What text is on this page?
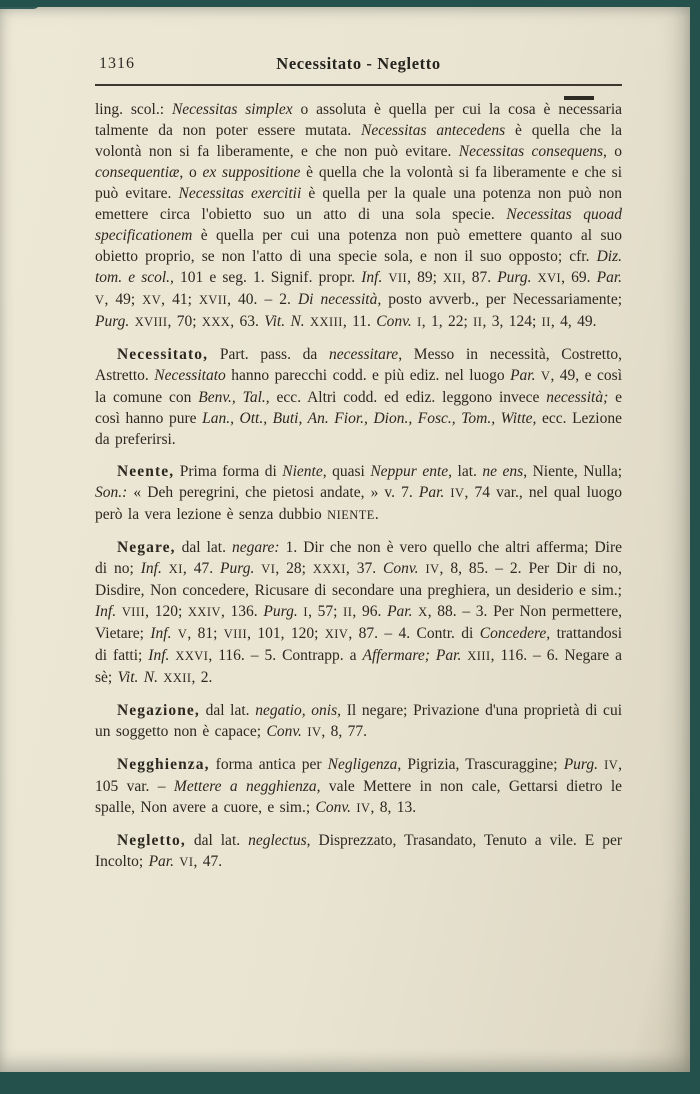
1316	Necessitato - Negletto

ling. scol.: Necessitas simplex o assoluta è quella per cui la cosa è necessaria talmente da non poter essere mutata. Necessitas antecedens è quella che la volontà non si fa liberamente, e che non può evitare. Necessitas consequens, o consequentiæ, o ex suppositione è quella che la volontà si fa liberamente e che si può evitare. Necessitas exercitii è quella per la quale una potenza non può non emettere circa l'obietto suo un atto di una sola specie. Necessitas quoad specificationem è quella per cui una potenza non può emettere quanto al suo obietto proprio, se non l'atto di una specie sola, e non il suo opposto; cfr. Diz. tom. e scol., 101 e seg. 1. Signif. propr. Inf. VII, 89; XII, 87. Purg. XVI, 69. Par. V, 49; XV, 41; XVII, 40. – 2. Di necessità, posto avverb., per Necessariamente; Purg. XVIII, 70; XXX, 63. Vit. N. XXIII, 11. Conv. I, 1, 22; II, 3, 124; II, 4, 49.

Necessitato, Part. pass. da necessitare, Messo in necessità, Costretto, Astretto. Necessitato hanno parecchi codd. e più ediz. nel luogo Par. V, 49, e così la comune con Benv., Tal., ecc. Altri codd. ed ediz. leggono invece necessità; e così hanno pure Lan., Ott., Buti, An. Fior., Dion., Fosc., Tom., Witte, ecc. Lezione da preferirsi.

Neente, Prima forma di Niente, quasi Neppur ente, lat. ne ens, Niente, Nulla; Son.: « Deh peregrini, che pietosi andate, » v. 7. Par. IV, 74 var., nel qual luogo però la vera lezione è senza dubbio NIENTE.

Negare, dal lat. negare: 1. Dir che non è vero quello che altri afferma; Dire di no; Inf. XI, 47. Purg. VI, 28; XXXI, 37. Conv. IV, 8, 85. – 2. Per Dir di no, Disdire, Non concedere, Ricusare di secondare una preghiera, un desiderio e sim.; Inf. VIII, 120; XXIV, 136. Purg. I, 57; II, 96. Par. X, 88. – 3. Per Non permettere, Vietare; Inf. V, 81; VIII, 101, 120; XIV, 87. – 4. Contr. di Concedere, trattandosi di fatti; Inf. XXVI, 116. – 5. Contrapp. a Affermare; Par. XIII, 116. – 6. Negare a sè; Vit. N. XXII, 2.

Negazione, dal lat. negatio, onis, Il negare; Privazione d'una proprietà di cui un soggetto non è capace; Conv. IV, 8, 77.

Negghienza, forma antica per Negligenza, Pigrizia, Trascuraggine; Purg. IV, 105 var. – Mettere a negghienza, vale Mettere in non cale, Gettarsi dietro le spalle, Non avere a cuore, e sim.; Conv. IV, 8, 13.

Negletto, dal lat. neglectus, Disprezzato, Trasandato, Tenuto a vile. E per Incolto; Par. VI, 47.
